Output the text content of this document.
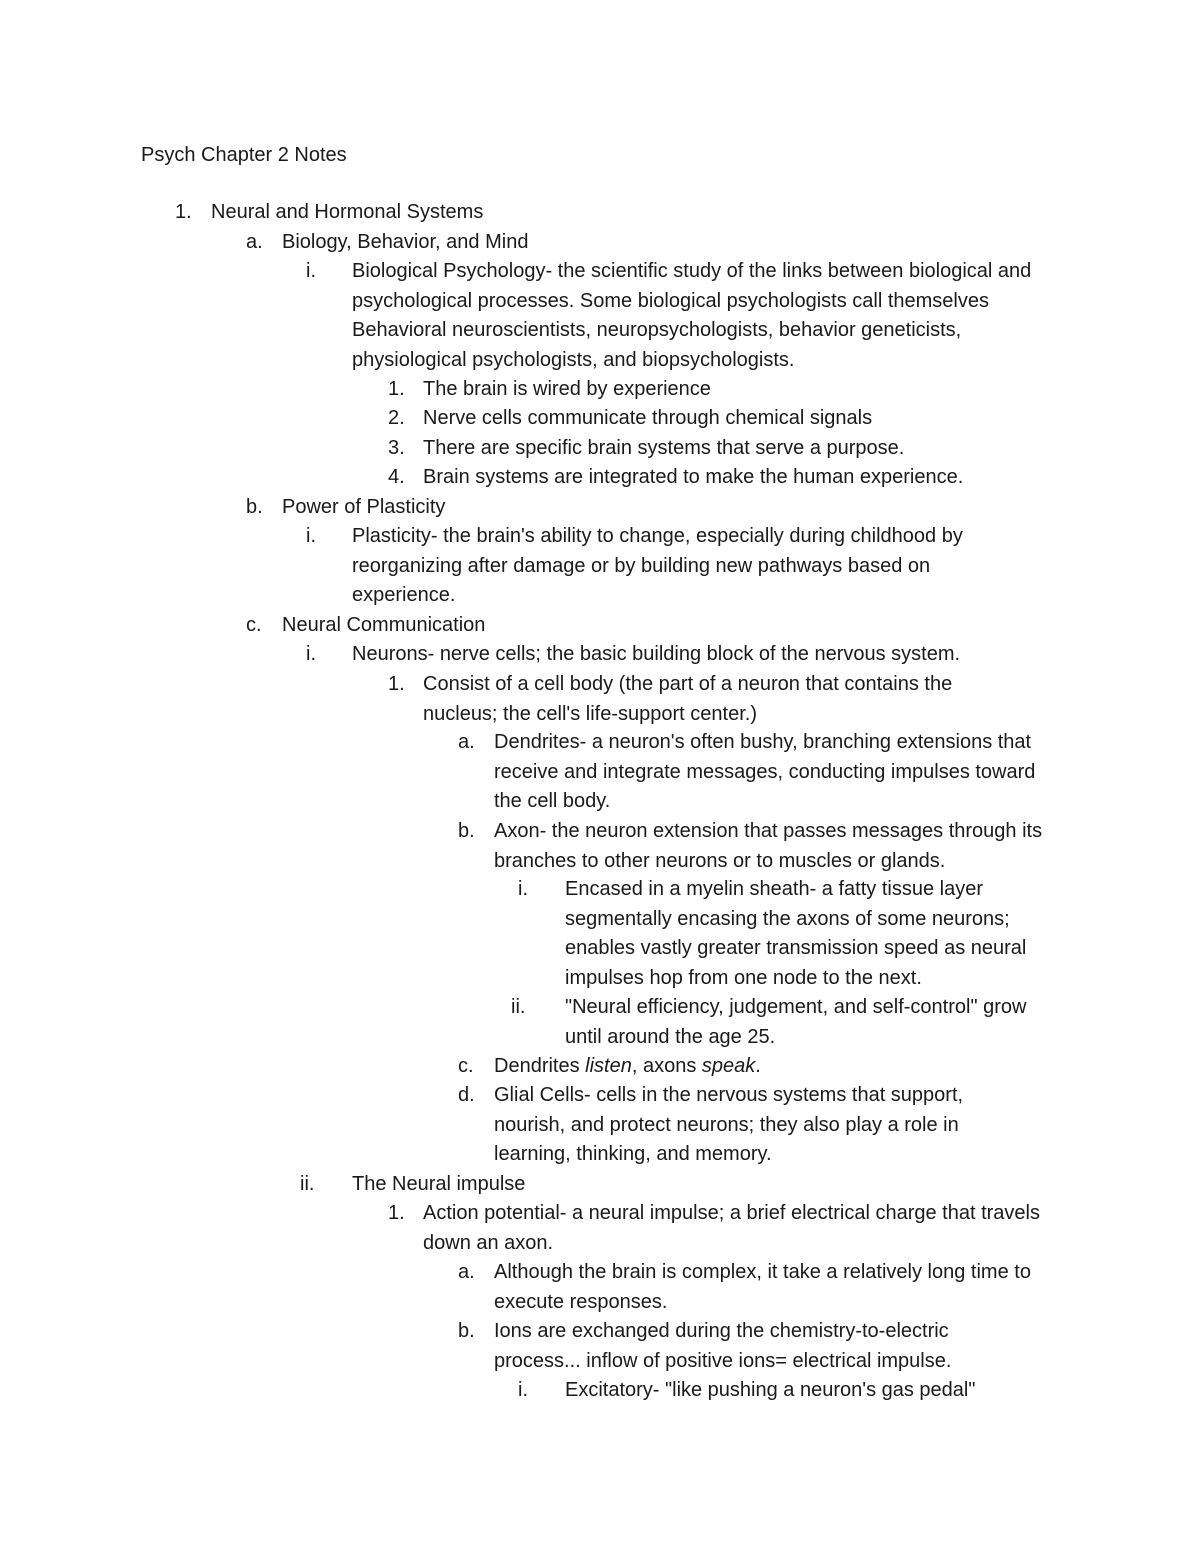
Psych Chapter 2 Notes
1. Neural and Hormonal Systems
a. Biology, Behavior, and Mind
i. Biological Psychology- the scientific study of the links between biological and psychological processes. Some biological psychologists call themselves Behavioral neuroscientists, neuropsychologists, behavior geneticists, physiological psychologists, and biopsychologists.
1. The brain is wired by experience
2. Nerve cells communicate through chemical signals
3. There are specific brain systems that serve a purpose.
4. Brain systems are integrated to make the human experience.
b. Power of Plasticity
i. Plasticity- the brain's ability to change, especially during childhood by reorganizing after damage or by building new pathways based on experience.
c. Neural Communication
i. Neurons- nerve cells; the basic building block of the nervous system.
1. Consist of a cell body (the part of a neuron that contains the nucleus; the cell's life-support center.)
a. Dendrites- a neuron's often bushy, branching extensions that receive and integrate messages, conducting impulses toward the cell body.
b. Axon- the neuron extension that passes messages through its branches to other neurons or to muscles or glands.
i. Encased in a myelin sheath- a fatty tissue layer segmentally encasing the axons of some neurons; enables vastly greater transmission speed as neural impulses hop from one node to the next.
ii. "Neural efficiency, judgement, and self-control" grow until around the age 25.
c. Dendrites listen, axons speak.
d. Glial Cells- cells in the nervous systems that support, nourish, and protect neurons; they also play a role in learning, thinking, and memory.
ii. The Neural impulse
1. Action potential- a neural impulse; a brief electrical charge that travels down an axon.
a. Although the brain is complex, it take a relatively long time to execute responses.
b. Ions are exchanged during the chemistry-to-electric process... inflow of positive ions= electrical impulse.
i. Excitatory- "like pushing a neuron's gas pedal"
